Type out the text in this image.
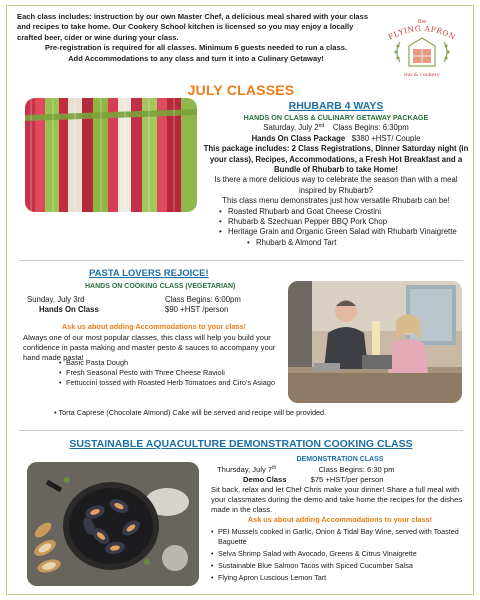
Each class includes: instruction by our own Master Chef, a delicious meal shared with your class and recipes to take home. Our Cookery School kitchen is licensed so you may enjoy a locally crafted beer, cider or wine during your class.

Pre-registration is required for all classes. Minimum 6 guests needed to run a class.

Add Accommodations to any class and turn it into a Culinary Getaway!

the
FLYING APRON
inn & cookery
JULY CLASSES
RHUBARB 4 WAYS
HANDS ON CLASS & CULINARY GETAWAY PACKAGE
Saturday, July 2nd Class Begins: 6:30pm
Hands On Class Package $380 +HST/ Couple
This package includes: 2 Class Registrations, Dinner Saturday night (in your class), Recipes, Accommodations, a Fresh Hot Breakfast and a Bundle of Rhubarb to take Home!
Is there a more delicious way to celebrate the season than with a meal inspired by Rhubarb?
This class menu demonstrates just how versatile Rhubarb can be!
• Roasted Rhubarb and Goat Cheese Crostini
• Rhubarb & Szechuan Pepper BBQ Pork Chop
• Heritage Grain and Organic Green Salad with Rhubarb Vinaigrette
• Rhubarb & Almond Tart
PASTA LOVERS REJOICE!
HANDS ON COOKING CLASS (VEGETARIAN)
Sunday, July 3rd	Class Begins: 6:00pm
Hands On Class	$90 +HST /person
Ask us about adding Accommodations to your class!
Always one of our most popular classes, this class will help you build your confidence in pasta making and master pesto & sauces to accompany your hand made pasta!
• Basic Pasta Dough
• Fresh Seasonal Pesto with Three Cheese Ravioli
• Fettuccini tossed with Roasted Herb Tomatoes and Ciro's Asiago
• Torta Caprese (Chocolate Almond) Cake will be served and recipe will be provided.
SUSTAINABLE AQUACULTURE DEMONSTRATION COOKING CLASS
DEMONSTRATION CLASS
Thursday, July 7th	Class Begins: 6:30 pm
Demo Class	$75 +HST/per person
Sit back, relax and let Chef Chris make your dinner! Share a full meal with your classmates during the demo and take home the recipes for the dishes made in the class.
Ask us about adding Accommodations to your class!
• PEI Mussels cooked in Garlic, Onion & Tidal Bay Wine, served with Toasted Baguette
• Selva Shrimp Salad with Avocado, Greens & Citrus Vinaigrette
• Sustainable Blue Salmon Tacos with Spiced Cucumber Salsa
• Flying Apron Luscious Lemon Tart
